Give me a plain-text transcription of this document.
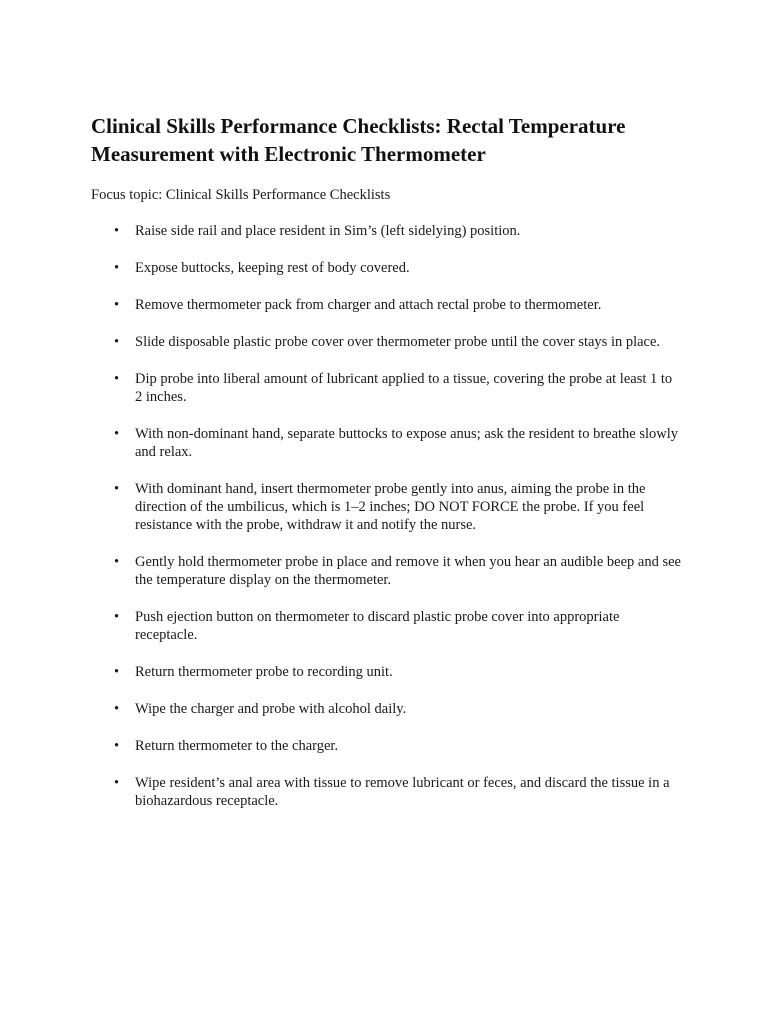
Clinical Skills Performance Checklists: Rectal Temperature
Measurement with Electronic Thermometer

Focus topic: Clinical Skills Performance Checklists

• Raise side rail and place resident in Sim’s (left sidelying) position.
• Expose buttocks, keeping rest of body covered.
• Remove thermometer pack from charger and attach rectal probe to thermometer.
• Slide disposable plastic probe cover over thermometer probe until the cover stays in place.
• Dip probe into liberal amount of lubricant applied to a tissue, covering the probe at least 1 to 2 inches.
• With non-dominant hand, separate buttocks to expose anus; ask the resident to breathe slowly and relax.
• With dominant hand, insert thermometer probe gently into anus, aiming the probe in the direction of the umbilicus, which is 1–2 inches; DO NOT FORCE the probe. If you feel resistance with the probe, withdraw it and notify the nurse.
• Gently hold thermometer probe in place and remove it when you hear an audible beep and see the temperature display on the thermometer.
• Push ejection button on thermometer to discard plastic probe cover into appropriate receptacle.
• Return thermometer probe to recording unit.
• Wipe the charger and probe with alcohol daily.
• Return thermometer to the charger.
• Wipe resident’s anal area with tissue to remove lubricant or feces, and discard the tissue in a biohazardous receptacle.
